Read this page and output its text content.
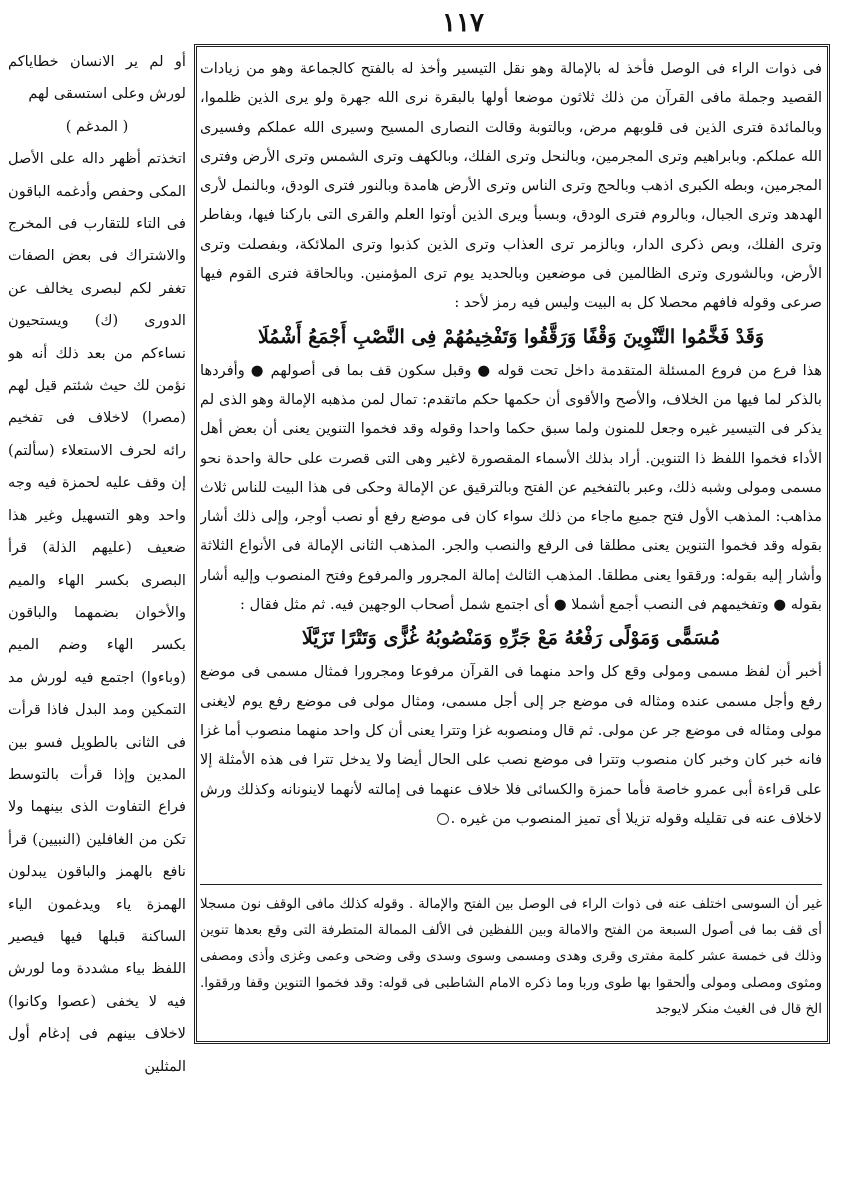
١١٧

فى ذوات الراء فى الوصل فأخذ له بالإمالة وهو نقل التيسير وأخذ له بالفتح كالجماعة وهو من زيادات القصيد وجملة مافى القرآن من ذلك ثلاثون موضعا أولها بالبقرة نرى الله جهرة ولو يرى الذين ظلموا، وبالمائدة فترى الذين فى قلوبهم مرض، وبالتوبة وقالت النصارى المسيح وسيرى الله عملكم وفسيرى الله عملكم. وبابراهيم وترى المجرمين، وبالنحل وترى الفلك، وبالكهف وترى الشمس وترى الأرض وفترى المجرمين، وبطه الكبرى اذهب وبالحج وترى الناس وترى الأرض هامدة وبالنور فترى الودق، وبالنمل لأرى الهدهد وترى الجبال، وبالروم فترى الودق، وبسبأ ويرى الذين أوتوا العلم والقرى التى باركنا فيها، وبفاطر وترى الفلك، وبص ذكرى الدار، وبالزمر ترى العذاب وترى الذين كذبوا وترى الملائكة، وبفصلت وترى الأرض، وبالشورى وترى الظالمين فى موضعين وبالحديد يوم ترى المؤمنين. وبالحاقة فترى القوم فيها صرعى وقوله فافهم محصلا كل به البيت وليس فيه رمز لأحد :

وَقَدْ فَخَّمُوا التَّنْوِينَ وَقْفًا وَرَقَّقُوا وَتَفْخِيمُهُمْ فِى النَّصْبِ أَجْمَعُ أَشْمُلَا

هذا فرع من فروع المسئلة المتقدمة داخل تحت قوله ● وقبل سكون قف بما فى أصولهم ● وأفردها بالذكر لما فيها من الخلاف، والأصح والأقوى أن حكمها حكم ماتقدم: تمال لمن مذهبه الإمالة وهو الذى لم يذكر فى التيسير غيره وجعل للمنون ولما سبق حكما واحدا وقوله وقد فخموا التنوين يعنى أن بعض أهل الأداء فخموا اللفظ ذا التنوين. أراد بذلك الأسماء المقصورة لاغير وهى التى قصرت على حالة واحدة نحو مسمى ومولى وشبه ذلك، وعبر بالتفخيم عن الفتح وبالترقيق عن الإمالة وحكى فى هذا البيت للناس ثلاث مذاهب: المذهب الأول فتح جميع ماجاء من ذلك سواء كان فى موضع رفع أو نصب أوجر، وإلى ذلك أشار بقوله وقد فخموا التنوين يعنى مطلقا فى الرفع والنصب والجر. المذهب الثانى الإمالة فى الأنواع الثلاثة وأشار إليه بقوله: ورققوا يعنى مطلقا. المذهب الثالث إمالة المجرور والمرفوع وفتح المنصوب وإليه أشار بقوله ● وتفخيمهم فى النصب أجمع أشملا ● أى اجتمع شمل أصحاب الوجهين فيه. ثم مثل فقال :

مُسَمًّى وَمَوْلًى رَفْعُهُ مَعْ جَرِّهِ وَمَنْصُوبُهُ غُزًّى وَتَتْرًا تَزَيَّلَا

أخبر أن لفظ مسمى ومولى وقع كل واحد منهما فى القرآن مرفوعا ومجرورا فمثال مسمى فى موضع رفع وأجل مسمى عنده ومثاله فى موضع جر إلى أجل مسمى، ومثال مولى فى موضع رفع يوم لايغنى مولى ومثاله فى موضع جر عن مولى. ثم قال ومنصوبه غزا وتترا يعنى أن كل واحد منهما منصوب أما غزا فانه خبر كان وخبر كان منصوب وتترا فى موضع نصب على الحال أيضا ولا يدخل تترا فى هذه الأمثلة إلا على قراءة أبى عمرو خاصة فأما حمزة والكسائى فلا خلاف عنهما فى إمالته لأنهما لاينونانه وكذلك ورش لاخلاف عنه فى تقليله وقوله تزيلا أى تميز المنصوب من غيره .

غير أن السوسى اختلف عنه فى ذوات الراء فى الوصل بين الفتح والإمالة . وقوله كذلك مافى الوقف نون مسجلا أى قف بما فى أصول السبعة من الفتح والامالة وبين اللفظين فى الألف الممالة المتطرفة التى وقع بعدها تنوين وذلك فى خمسة عشر كلمة مفترى وقرى وهدى ومسمى وسوى وسدى وقى وضحى وعمى وغزى وأذى ومصفى ومثوى ومصلى ومولى وألحقوا بها طوى وربا وما ذكره الامام الشاطبى فى قوله: وقد فخموا التنوين وقفا ورققوا. الخ قال فى الغيث منكر لايوجد

أو لم ير الانسان خطاياكم لورش وعلى استسقى لهم

( المدغم )

اتخذتم أظهر داله على الأصل المكى وحفص وأدغمه الباقون فى التاء للتقارب فى المخرج والاشتراك فى بعض الصفات تغفر لكم لبصرى يخالف عن الدورى (ك) ويستحيون نساءكم من بعد ذلك أنه هو نؤمن لك حيث شئتم قيل لهم (مصرا) لاخلاف فى تفخيم رائه لحرف الاستعلاء (سألتم) إن وقف عليه لحمزة فيه وجه واحد وهو التسهيل وغير هذا ضعيف (عليهم الذلة) قرأ البصرى بكسر الهاء والميم والأخوان بضمهما والباقون بكسر الهاء وضم الميم (وباءوا) اجتمع فيه لورش مد التمكين ومد البدل فاذا قرأت فى الثانى بالطويل فسو بين المدين وإذا قرأت بالتوسط فراع التفاوت الذى بينهما ولا تكن من الغافلين (النبيين) قرأ نافع بالهمز والباقون يبدلون الهمزة ياء ويدغمون الياء الساكنة قبلها فيها فيصير اللفظ بياء مشددة وما لورش فيه لا يخفى (عصوا وكانوا) لاخلاف بينهم فى إدغام أول المثلين
